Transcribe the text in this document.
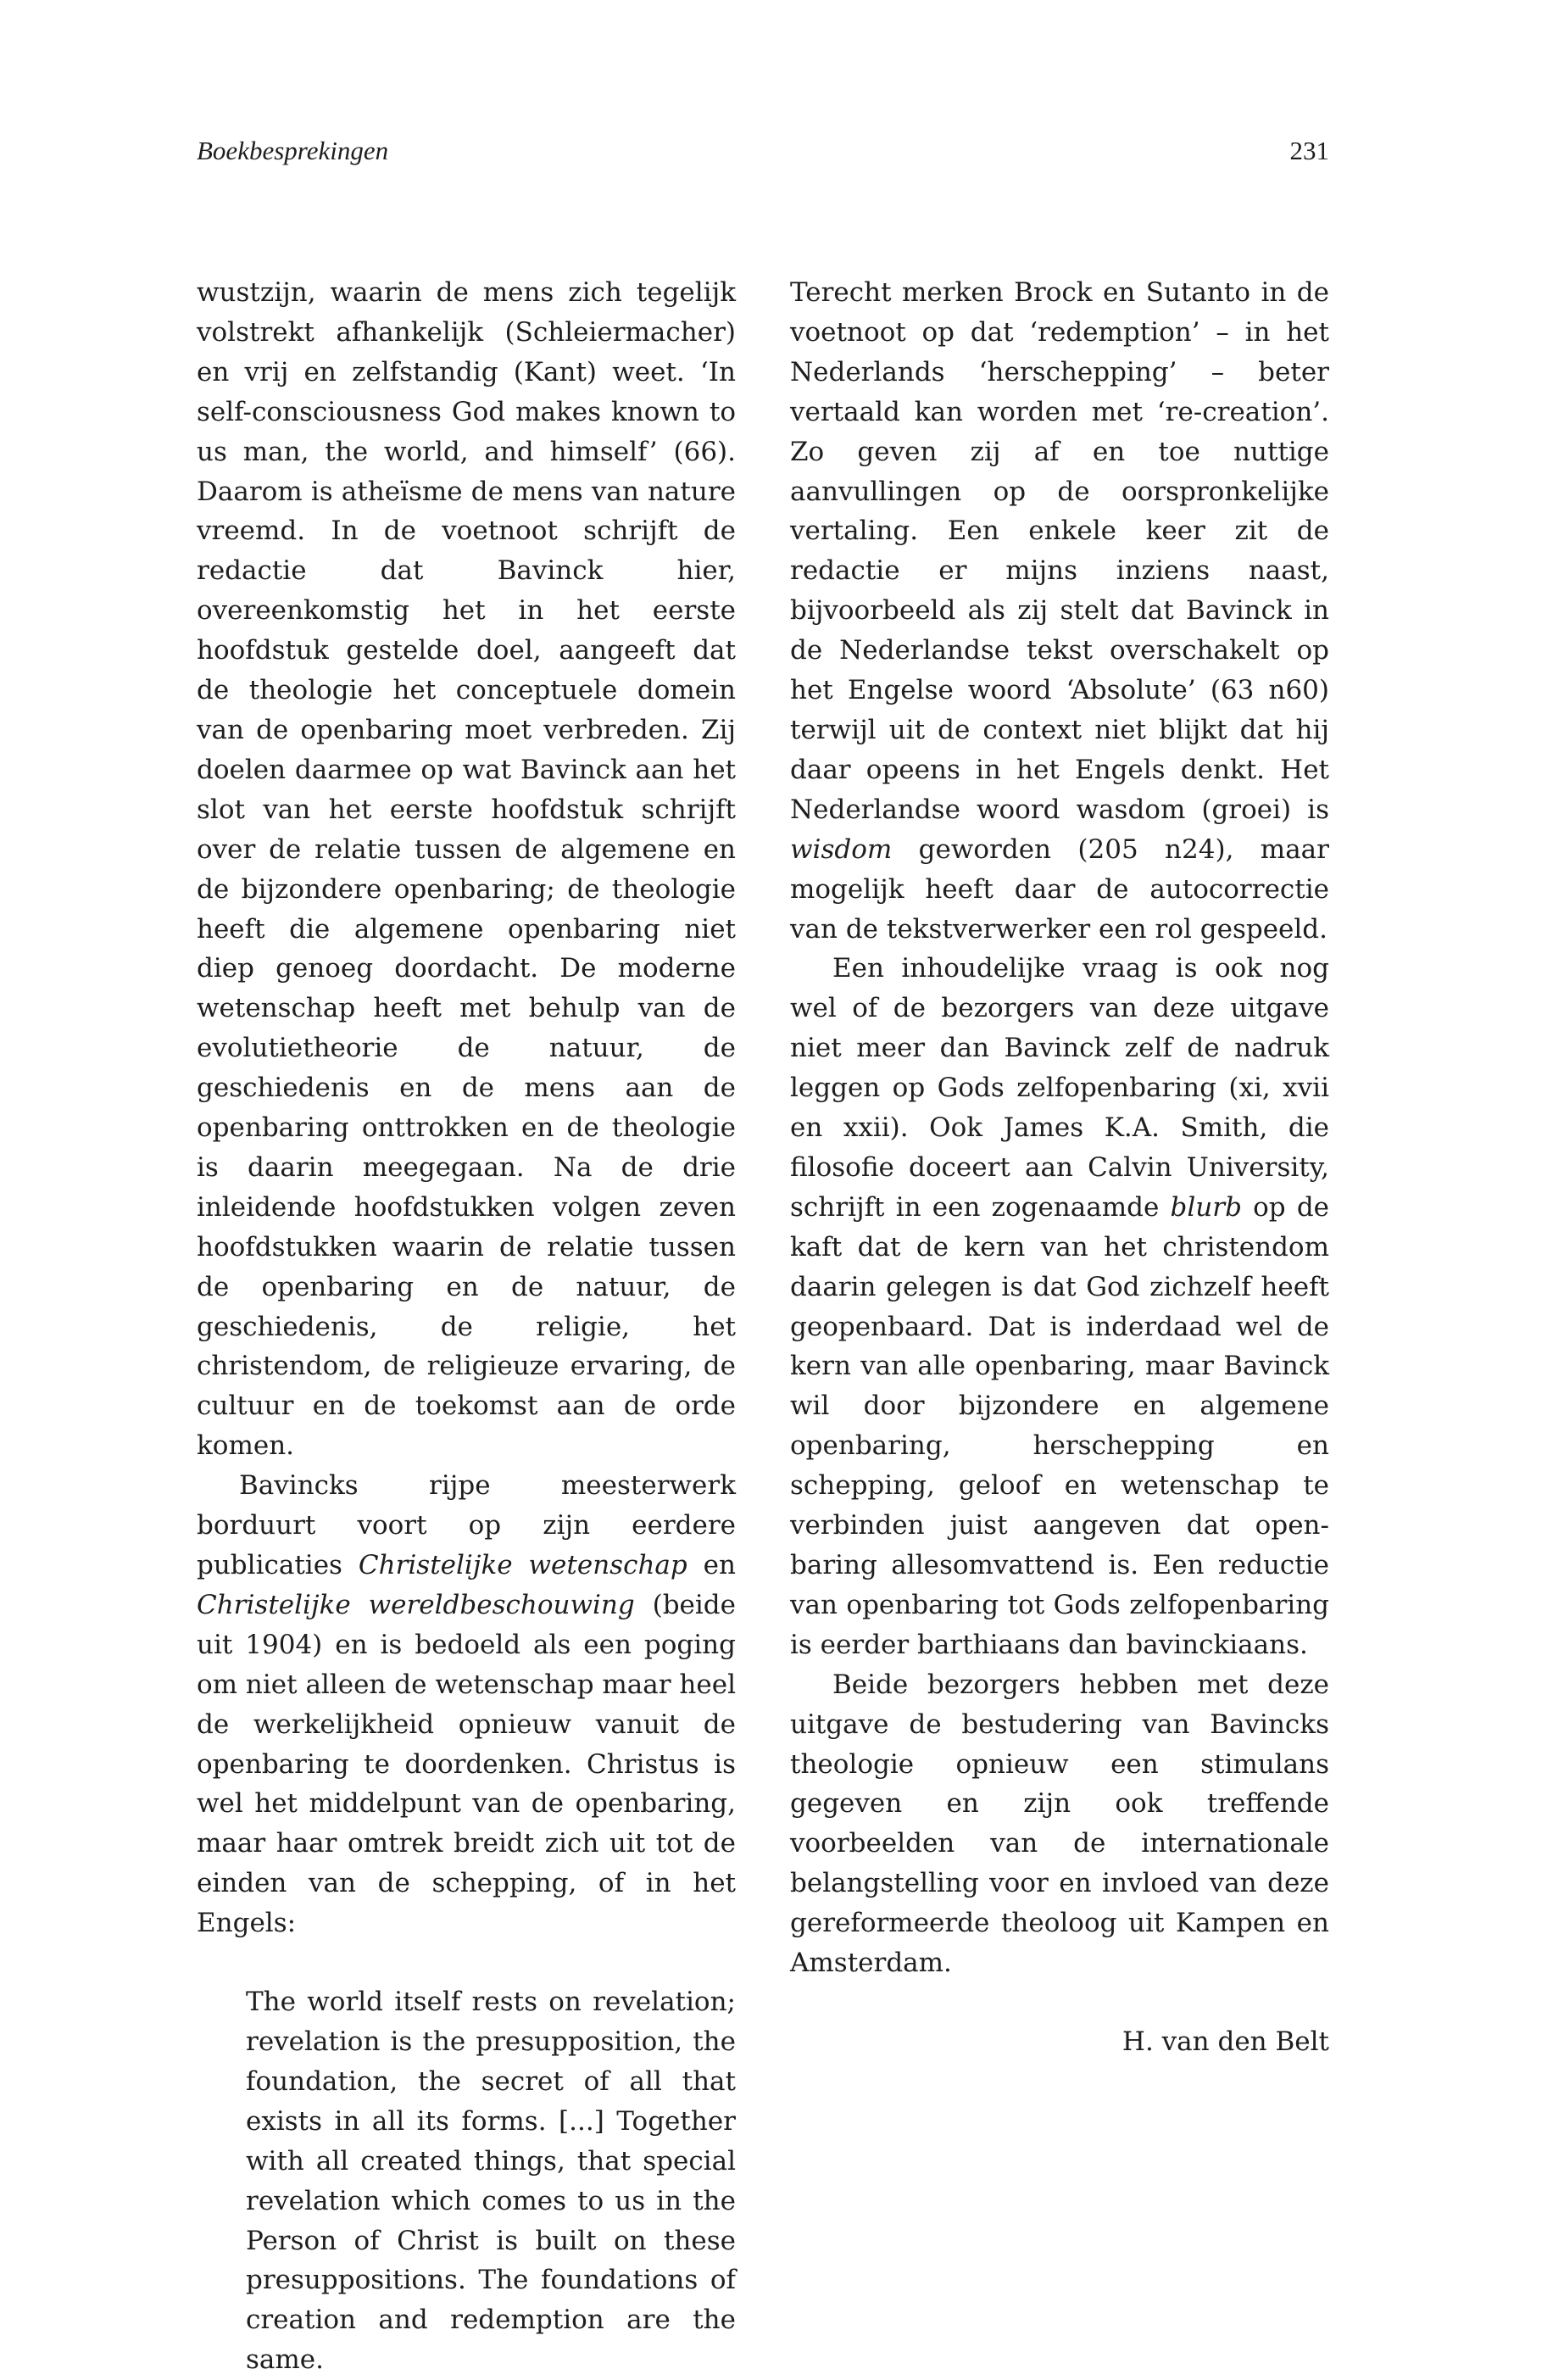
Boekbesprekingen	231

wustzijn, waarin de mens zich tegelijk volstrekt afhankelijk (Schleiermacher) en vrij en zelfstandig (Kant) weet. ‘In self-consciousness God makes known to us man, the world, and himself’ (66). Daarom is atheïsme de mens van nature vreemd. In de voetnoot schrijft de redactie dat Bavinck hier, overeenkomstig het in het eerste hoofdstuk gestelde doel, aangeeft dat de theologie het conceptuele domein van de openbaring moet verbreden. Zij doelen daarmee op wat Bavinck aan het slot van het eerste hoofdstuk schrijft over de relatie tussen de algemene en de bijzondere openbaring; de theologie heeft die algemene openbaring niet diep genoeg doordacht. De moderne wetenschap heeft met behulp van de evolutietheorie de natuur, de geschiedenis en de mens aan de openbaring onttrokken en de theologie is daarin meegegaan. Na de drie inleidende hoofdstukken volgen zeven hoofdstukken waarin de relatie tussen de openbaring en de natuur, de geschiedenis, de religie, het christendom, de religieuze ervaring, de cultuur en de toekomst aan de orde komen.

Bavincks rijpe meesterwerk borduurt voort op zijn eerdere publicaties Christelijke wetenschap en Christelijke wereldbeschouwing (beide uit 1904) en is bedoeld als een poging om niet alleen de wetenschap maar heel de werkelijkheid opnieuw vanuit de openbaring te doordenken. Christus is wel het middelpunt van de openbaring, maar haar omtrek breidt zich uit tot de einden van de schepping, of in het Engels:

The world itself rests on revelation; revelation is the presupposition, the foundation, the secret of all that exists in all its forms. [...] Together with all created things, that special revelation which comes to us in the Person of Christ is built on these presuppositions. The foundations of creation and redemption are the same.

Terecht merken Brock en Sutanto in de voetnoot op dat ‘redemption’ – in het Nederlands ‘herschepping’ – beter vertaald kan worden met ‘re-creation’. Zo geven zij af en toe nuttige aanvullingen op de oorspronkelijke vertaling. Een enkele keer zit de redactie er mijns inziens naast, bijvoorbeeld als zij stelt dat Bavinck in de Nederlandse tekst overschakelt op het Engelse woord ‘Absolute’ (63 n60) terwijl uit de context niet blijkt dat hij daar opeens in het Engels denkt. Het Nederlandse woord wasdom (groei) is wisdom geworden (205 n24), maar mogelijk heeft daar de autocorrectie van de tekstverwerker een rol gespeeld.

Een inhoudelijke vraag is ook nog wel of de bezorgers van deze uitgave niet meer dan Bavinck zelf de nadruk leggen op Gods zelfopenbaring (xi, xvii en xxii). Ook James K.A. Smith, die filosofie doceert aan Calvin University, schrijft in een zogenaamde blurb op de kaft dat de kern van het christendom daarin gelegen is dat God zichzelf heeft geopenbaard. Dat is inderdaad wel de kern van alle openbaring, maar Bavinck wil door bijzondere en algemene openbaring, herschepping en schepping, geloof en wetenschap te verbinden juist aangeven dat openbaring allesomvattend is. Een reductie van openbaring tot Gods zelfopenbaring is eerder barthiaans dan bavinckiaans.

Beide bezorgers hebben met deze uitgave de bestudering van Bavincks theologie opnieuw een stimulans gegeven en zijn ook treffende voorbeelden van de internationale belangstelling voor en invloed van deze gereformeerde theoloog uit Kampen en Amsterdam.

H. van den Belt
